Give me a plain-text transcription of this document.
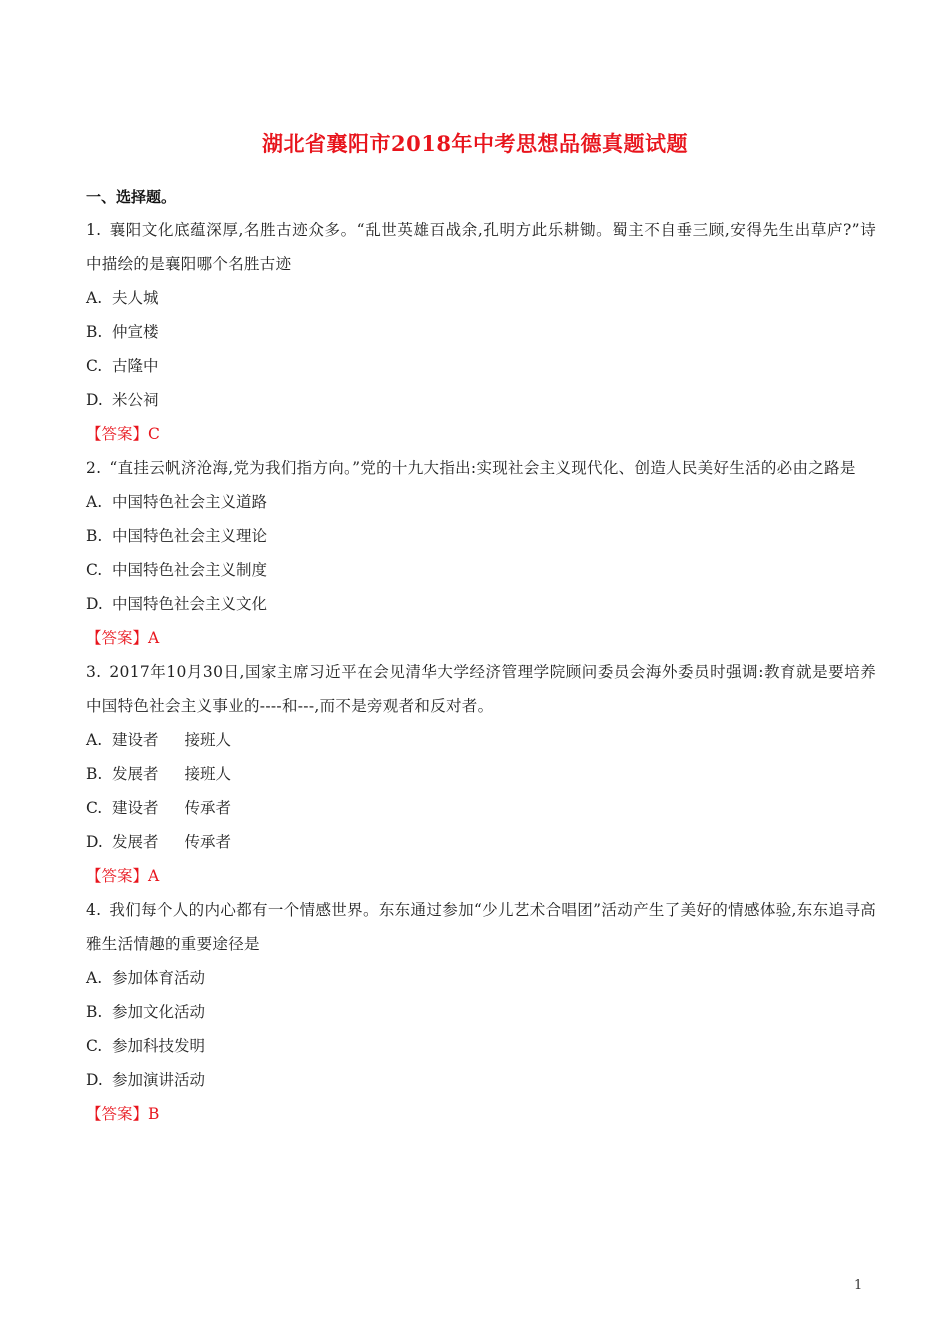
湖北省襄阳市2018年中考思想品德真题试题
一、选择题。

1. 襄阳文化底蕴深厚,名胜古迹众多。“乱世英雄百战余,孔明方此乐耕锄。蜀主不自垂三顾,安得先生出草庐?”诗中描绘的是襄阳哪个名胜古迹

A. 夫人城

B. 仲宣楼

C. 古隆中

D. 米公祠

【答案】C

2. “直挂云帆济沧海,党为我们指方向。”党的十九大指出:实现社会主义现代化、创造人民美好生活的必由之路是

A. 中国特色社会主义道路

B. 中国特色社会主义理论

C. 中国特色社会主义制度

D. 中国特色社会主义文化

【答案】A

3. 2017年10月30日,国家主席习近平在会见清华大学经济管理学院顾问委员会海外委员时强调:教育就是要培养中国特色社会主义事业的----和---,而不是旁观者和反对者。

A. 建设者 接班人

B. 发展者 接班人

C. 建设者 传承者

D. 发展者 传承者

【答案】A

4. 我们每个人的内心都有一个情感世界。东东通过参加“少儿艺术合唱团”活动产生了美好的情感体验,东东追寻高雅生活情趣的重要途径是

A. 参加体育活动

B. 参加文化活动

C. 参加科技发明

D. 参加演讲活动

【答案】B

1
